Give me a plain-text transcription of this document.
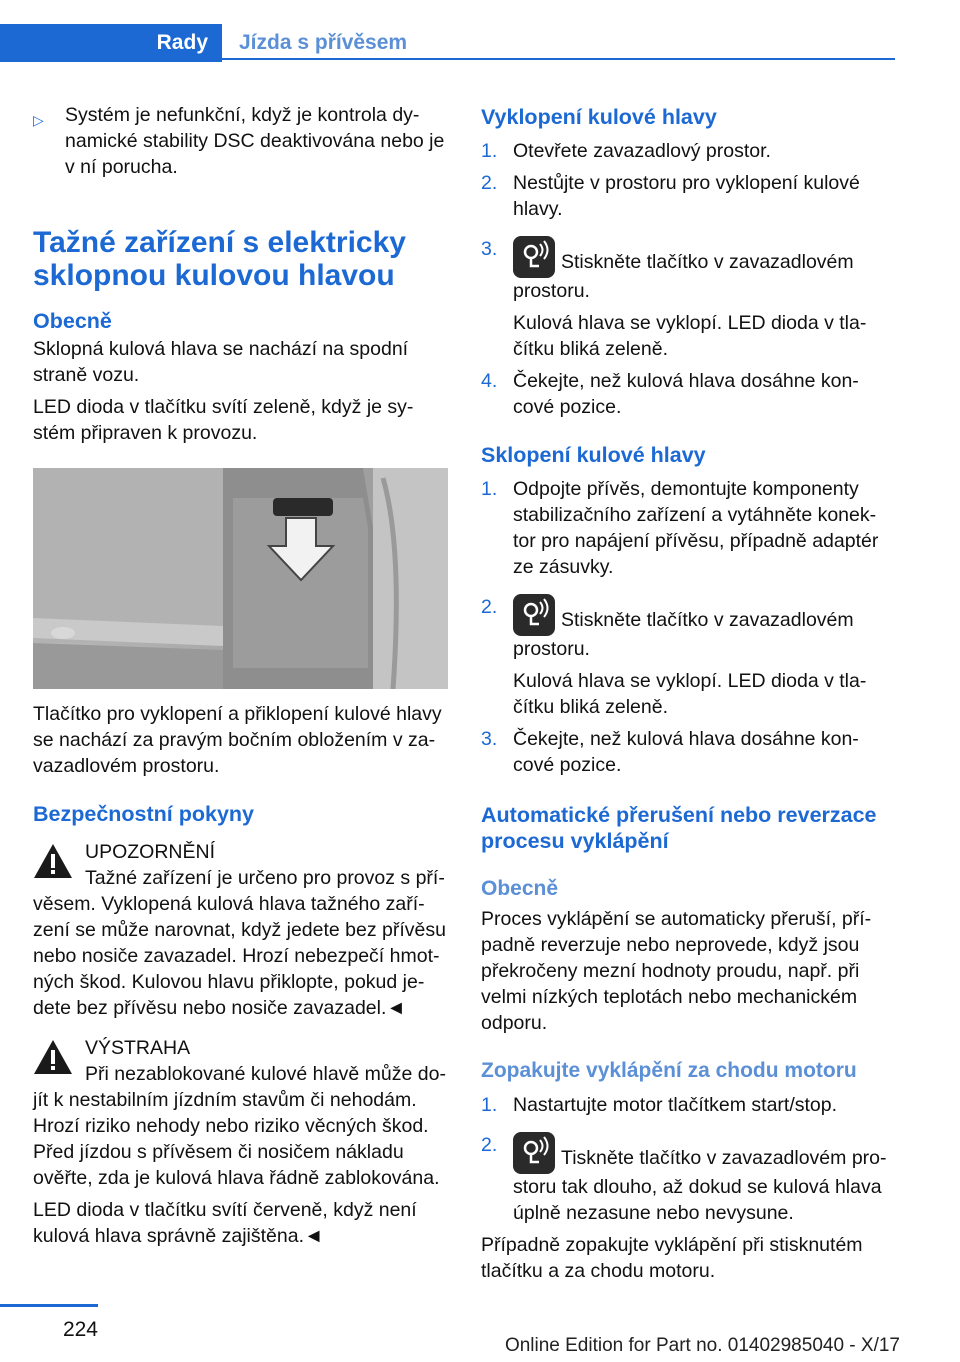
Rady	Jízda s přívěsem
▷ Systém je nefunkční, když je kontrola dy-namické stability DSC deaktivována nebo je v ní porucha.
Tažné zařízení s elektricky sklopnou kulovou hlavou
Obecně

Sklopná kulová hlava se nachází na spodní straně vozu.

LED dioda v tlačítku svítí zeleně, když je sy-stém připraven k provozu.

Tlačítko pro vyklopení a přiklopení kulové hlavy se nachází za pravým bočním obložením v za-vazadlovém prostoru.

Bezpečnostní pokyny

UPOZORNĚNÍ

Tažné zařízení je určeno pro provoz s pří-věsem. Vyklopená kulová hlava tažného zaří-zení se může narovnat, když jedete bez přívěsu nebo nosiče zavazadel. Hrozí nebezpečí hmot-ných škod. Kulovou hlavu přiklopte, pokud je-dete bez přívěsu nebo nosiče zavazadel.◄

VÝSTRAHA

Při nezablokované kulové hlavě může do-jít k nestabilním jízdním stavům či nehodám. Hrozí riziko nehody nebo riziko věcných škod. Před jízdou s přívěsem či nosičem nákladu ověřte, zda je kulová hlava řádně zablokována.

LED dioda v tlačítku svítí červeně, když není kulová hlava správně zajištěna.◄

Vyklopení kulové hlavy
1. Otevřete zavazadlový prostor.
2. Nestůjte v prostoru pro vyklopení kulové hlavy.
3.
Stiskněte tlačítko v zavazadlovém prostoru.

Kulová hlava se vyklopí. LED dioda v tla-čítku bliká zeleně.

4. Čekejte, než kulová hlava dosáhne kon-cové pozice.
Sklopení kulové hlavy
1. Odpojte přívěs, demontujte komponenty stabilizačního zařízení a vytáhněte konek-tor pro napájení přívěsu, případně adaptér ze zásuvky.
2.
Stiskněte tlačítko v zavazadlovém prostoru.

Kulová hlava se vyklopí. LED dioda v tla-čítku bliká zeleně.

3. Čekejte, než kulová hlava dosáhne kon-cové pozice.
Automatické přerušení nebo reverzace procesu vyklápění
Obecně

Proces vyklápění se automaticky přeruší, pří-padně reverzuje nebo neprovede, když jsou překročeny mezní hodnoty proudu, např. při velmi nízkých teplotách nebo mechanickém odporu.

Zopakujte vyklápění za chodu motoru
1. Nastartujte motor tlačítkem start/stop.
2.
Tiskněte tlačítko v zavazadlovém pro-storu tak dlouho, až dokud se kulová hlava úplně nezasune nebo nevysune.

Případně zopakujte vyklápění při stisknutém tlačítku a za chodu motoru.

224
Online Edition for Part no. 01402985040 - X/17
